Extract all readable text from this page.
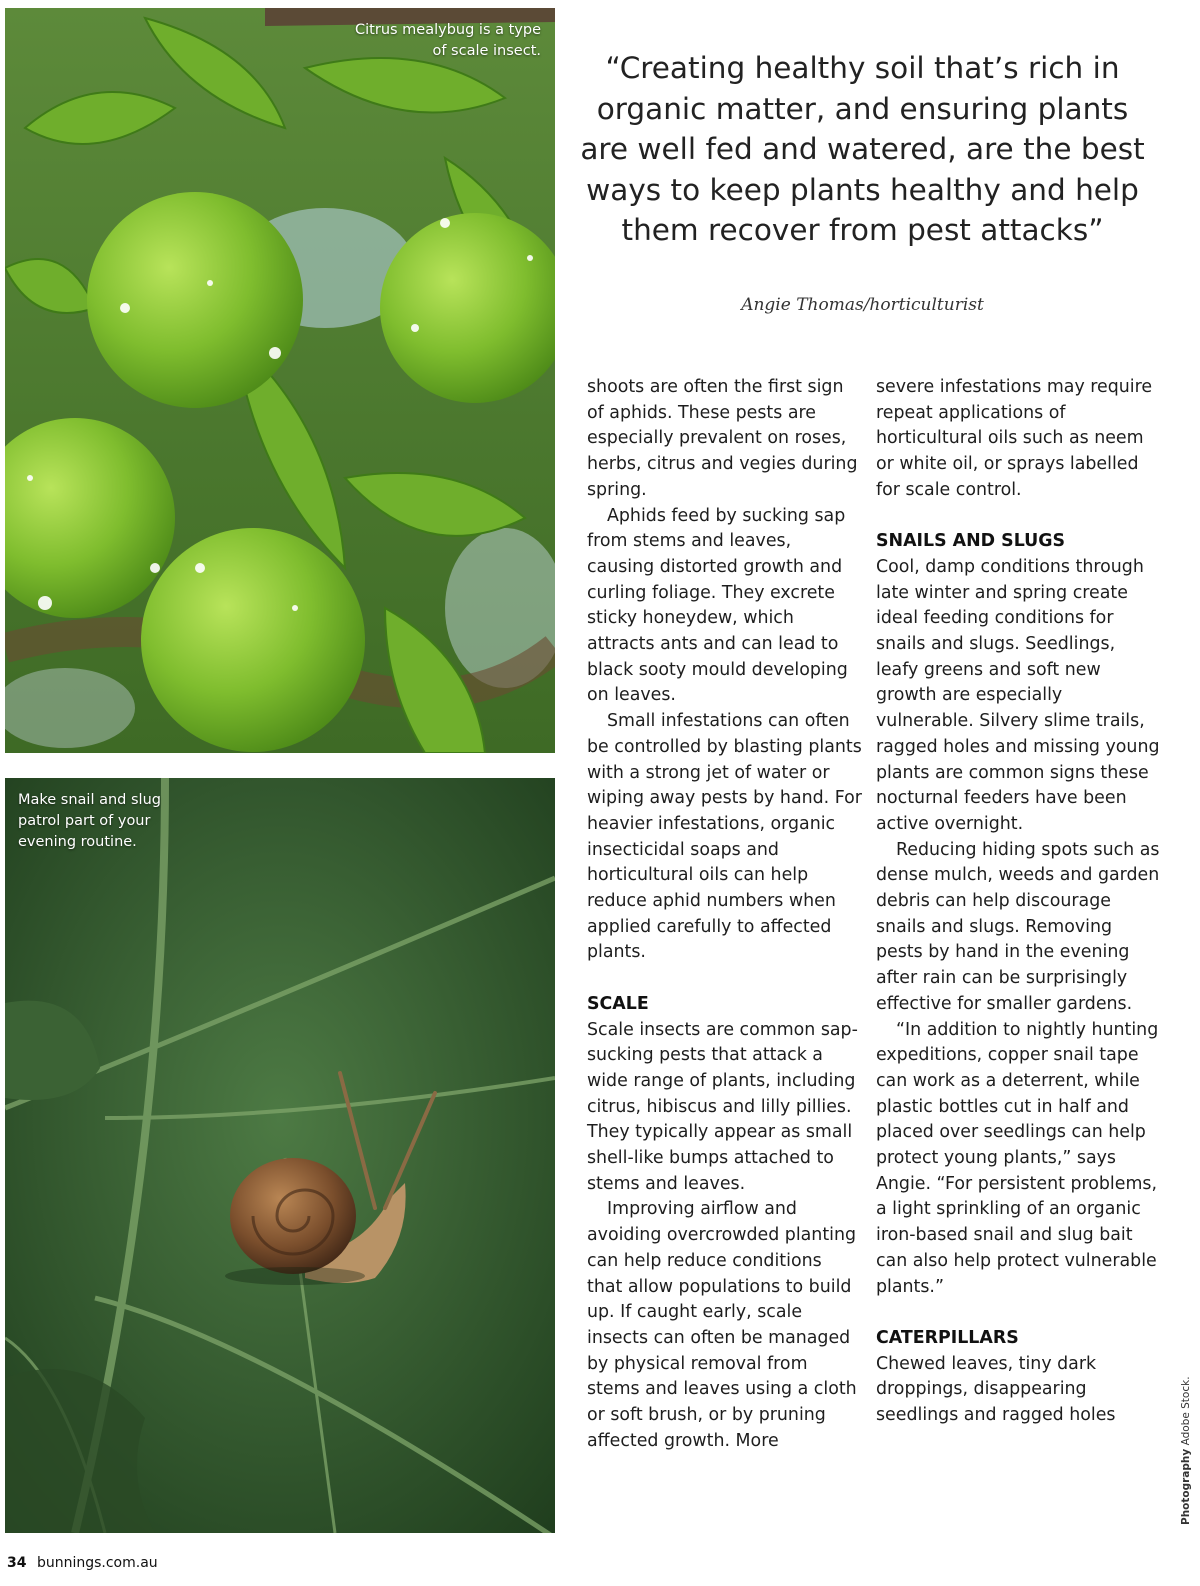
Citrus mealybug is a type of scale insect.
Make snail and slug patrol part of your evening routine.

“Creating healthy soil that’s rich in organic matter, and ensuring plants are well fed and watered, are the best ways to keep plants healthy and help them recover from pest attacks”

Angie Thomas/horticulturist

shoots are often the first sign of aphids. These pests are especially prevalent on roses, herbs, citrus and vegies during spring.

Aphids feed by sucking sap from stems and leaves, causing distorted growth and curling foliage. They excrete sticky honeydew, which attracts ants and can lead to black sooty mould developing on leaves.

Small infestations can often be controlled by blasting plants with a strong jet of water or wiping away pests by hand. For heavier infestations, organic insecticidal soaps and horticultural oils can help reduce aphid numbers when applied carefully to affected plants.

SCALE

Scale insects are common sap-sucking pests that attack a wide range of plants, including citrus, hibiscus and lilly pillies. They typically appear as small shell-like bumps attached to stems and leaves.

Improving airflow and avoiding overcrowded planting can help reduce conditions that allow populations to build up. If caught early, scale insects can often be managed by physical removal from stems and leaves using a cloth or soft brush, or by pruning affected growth. More

severe infestations may require repeat applications of horticultural oils such as neem or white oil, or sprays labelled for scale control.

SNAILS AND SLUGS

Cool, damp conditions through late winter and spring create ideal feeding conditions for snails and slugs. Seedlings, leafy greens and soft new growth are especially vulnerable. Silvery slime trails, ragged holes and missing young plants are common signs these nocturnal feeders have been active overnight.

Reducing hiding spots such as dense mulch, weeds and garden debris can help discourage snails and slugs. Removing pests by hand in the evening after rain can be surprisingly effective for smaller gardens.

“In addition to nightly hunting expeditions, copper snail tape can work as a deterrent, while plastic bottles cut in half and placed over seedlings can help protect young plants,” says Angie. “For persistent problems, a light sprinkling of an organic iron-based snail and slug bait can also help protect vulnerable plants.”

CATERPILLARS

Chewed leaves, tiny dark droppings, disappearing seedlings and ragged holes

34 bunnings.com.au
Photography Adobe Stock.
